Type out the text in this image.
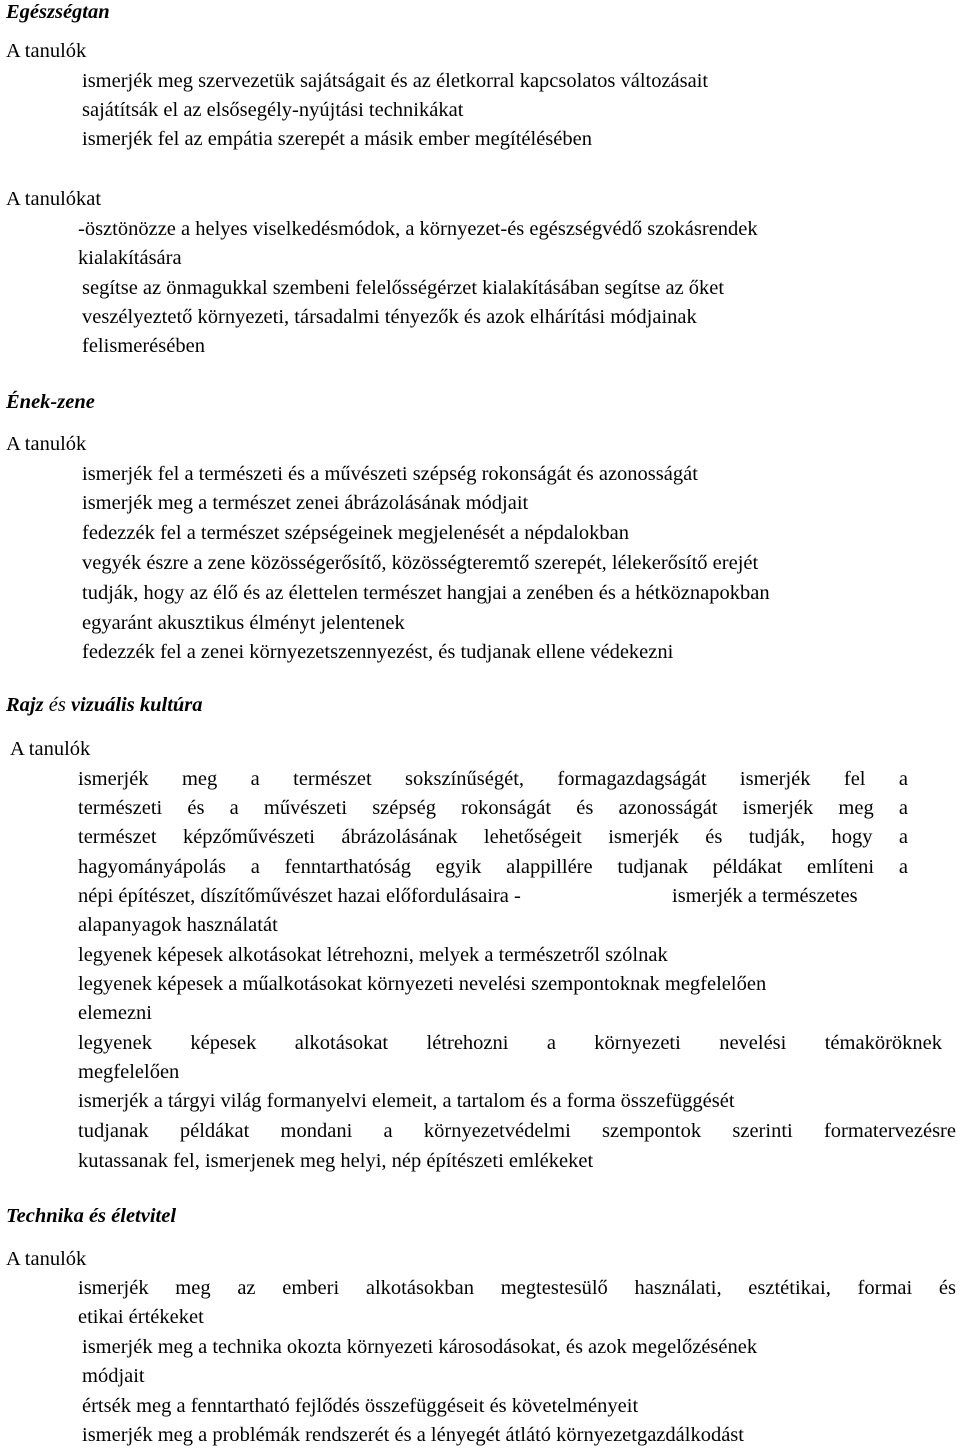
Egészségtan
A tanulók
ismerjék meg szervezetük sajátságait és az életkorral kapcsolatos változásait
sajátítsák el az elsősegély-nyújtási technikákat
ismerjék fel az empátia szerepét a másik ember megítélésében
A tanulókat
-ösztönözze a helyes viselkedésmódok, a környezet-és egészségvédő szokásrendek
kialakítására
segítse az önmagukkal szembeni felelősségérzet kialakításában segítse az őket
veszélyeztető környezeti, társadalmi tényezők és azok elhárítási módjainak
felismerésében
Ének-zene
A tanulók
ismerjék fel a természeti és a művészeti szépség rokonságát és azonosságát
ismerjék meg a természet zenei ábrázolásának módjait
fedezzék fel a természet szépségeinek megjelenését a népdalokban
vegyék észre a zene közösségerősítő, közösségteremtő szerepét, lélekerősítő erejét
tudják, hogy az élő és az élettelen természet hangjai a zenében és a hétköznapokban
egyaránt akusztikus élményt jelentenek
fedezzék fel a zenei környezetszennyezést, és tudjanak ellene védekezni
Rajz és vizuális kultúra
A tanulók
ismerjék meg a természet sokszínűségét, formagazdagságát ismerjék fel a
természeti és a művészeti szépség rokonságát és azonosságát ismerjék meg a
természet képzőművészeti ábrázolásának lehetőségeit ismerjék és tudják, hogy a
hagyományápolás a fenntarthatóság egyik alappillére tudjanak példákat említeni a
népi építészet, díszítőművészet hazai előfordulásaira -	ismerjék a természetes
alapanyagok használatát
legyenek képesek alkotásokat létrehozni, melyek a természetről szólnak
legyenek képesek a műalkotásokat környezeti nevelési szempontoknak megfelelően
elemezni
legyenek képesek alkotásokat létrehozni a környezeti nevelési témaköröknek
megfelelően
ismerjék a tárgyi világ formanyelvi elemeit, a tartalom és a forma összefüggését
tudjanak példákat mondani a környezetvédelmi szempontok szerinti formatervezésre
kutassanak fel, ismerjenek meg helyi, nép építészeti emlékeket
Technika és életvitel
A tanulók
ismerjék meg az emberi alkotásokban megtestesülő használati, esztétikai, formai és
etikai értékeket
ismerjék meg a technika okozta környezeti károsodásokat, és azok megelőzésének
módjait
értsék meg a fenntartható fejlődés összefüggéseit és követelményeit
ismerjék meg a problémák rendszerét és a lényegét átlátó környezetgazdálkodást
